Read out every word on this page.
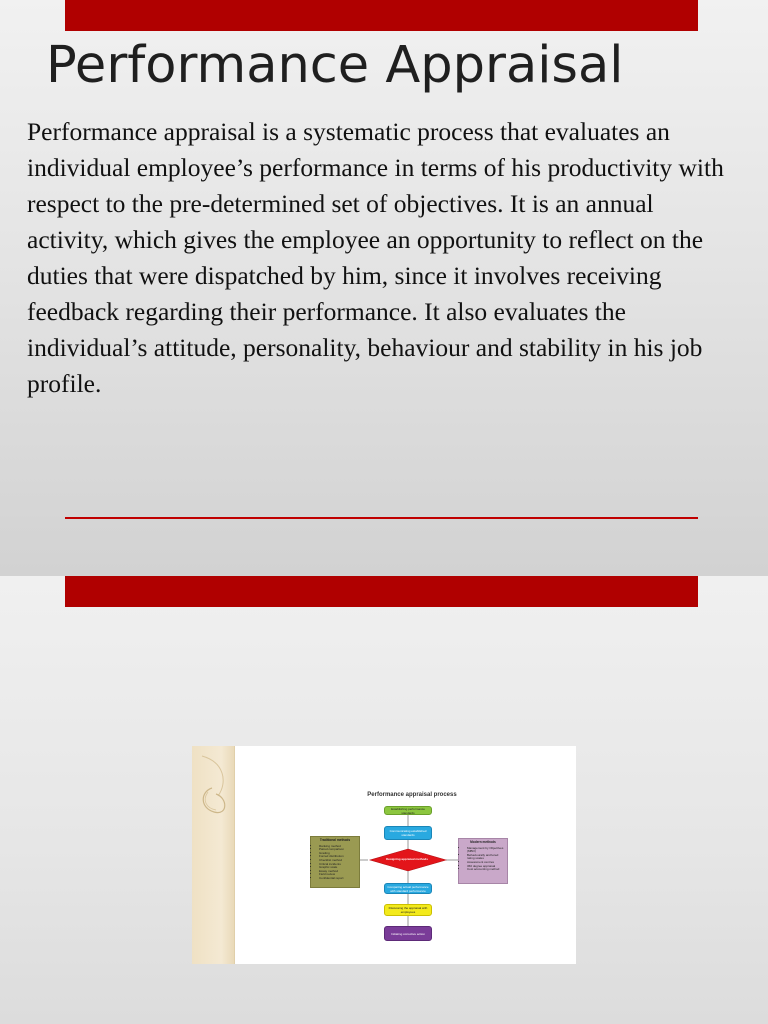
Performance Appraisal

Performance appraisal is a systematic process that evaluates an individual employee’s performance in terms of his productivity with respect to the pre-determined set of objectives. It is an annual activity, which gives the employee an opportunity to reflect on the duties that were dispatched by him, since it involves receiving feedback regarding their performance. It also evaluates the individual’s attitude, personality, behaviour and stability in his job profile.

Performance appraisal process
Establishing performance standards
Communicating established standards
Designing appraisal methods
Comparing actual performance with standard performance
Discussing the appraisal with employees
Initiating corrective action
Traditional methods
• Ranking method
• Paired comparison
• Grading
• Forced distribution
• Checklist method
• Critical incidents
• Graphic scale
• Essay method
• Field review
• Confidential report
Modern methods
• Management by Objectives (MBO)
• Behaviourally anchored rating scales
• Assessment centres
• 360 degree appraisal
• Cost accounting method
